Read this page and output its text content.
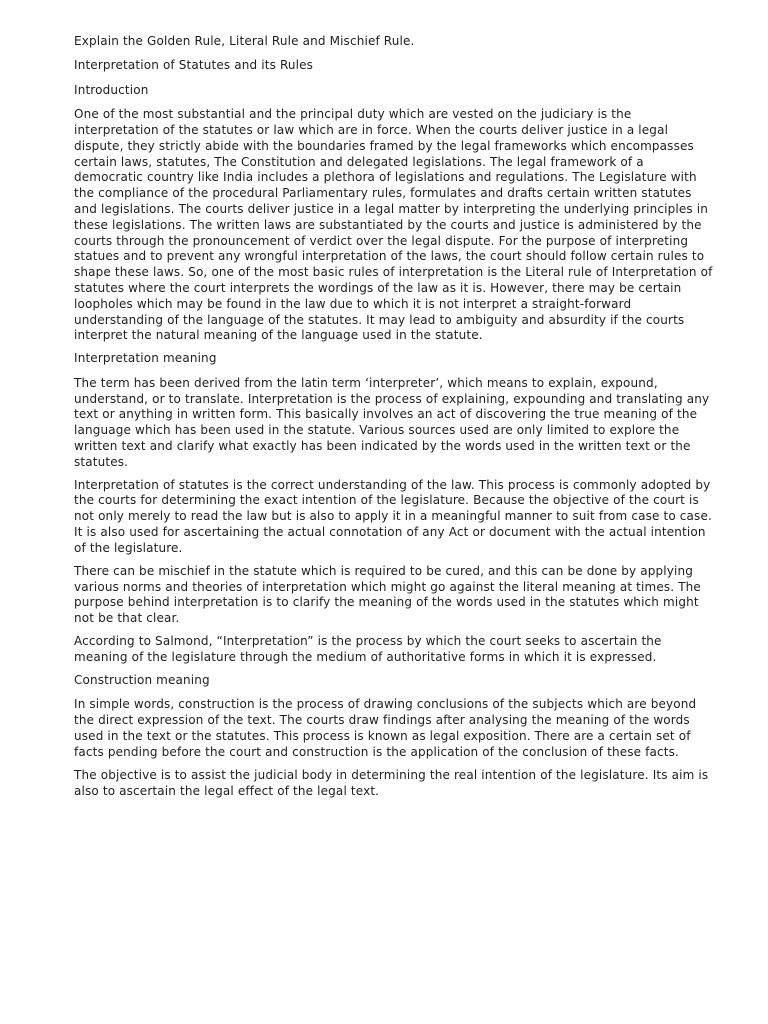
Explain the Golden Rule, Literal Rule and Mischief Rule.

Interpretation of Statutes and its Rules

Introduction

One of the most substantial and the principal duty which are vested on the judiciary is the interpretation of the statutes or law which are in force. When the courts deliver justice in a legal dispute, they strictly abide with the boundaries framed by the legal frameworks which encompasses certain laws, statutes, The Constitution and delegated legislations. The legal framework of a democratic country like India includes a plethora of legislations and regulations. The Legislature with the compliance of the procedural Parliamentary rules, formulates and drafts certain written statutes and legislations. The courts deliver justice in a legal matter by interpreting the underlying principles in these legislations. The written laws are substantiated by the courts and justice is administered by the courts through the pronouncement of verdict over the legal dispute. For the purpose of interpreting statues and to prevent any wrongful interpretation of the laws, the court should follow certain rules to shape these laws. So, one of the most basic rules of interpretation is the Literal rule of Interpretation of statutes where the court interprets the wordings of the law as it is. However, there may be certain loopholes which may be found in the law due to which it is not interpret a straight-forward understanding of the language of the statutes. It may lead to ambiguity and absurdity if the courts interpret the natural meaning of the language used in the statute.

Interpretation meaning

The term has been derived from the latin term ‘interpreter’, which means to explain, expound, understand, or to translate. Interpretation is the process of explaining, expounding and translating any text or anything in written form. This basically involves an act of discovering the true meaning of the language which has been used in the statute. Various sources used are only limited to explore the written text and clarify what exactly has been indicated by the words used in the written text or the statutes.

Interpretation of statutes is the correct understanding of the law. This process is commonly adopted by the courts for determining the exact intention of the legislature. Because the objective of the court is not only merely to read the law but is also to apply it in a meaningful manner to suit from case to case. It is also used for ascertaining the actual connotation of any Act or document with the actual intention of the legislature.

There can be mischief in the statute which is required to be cured, and this can be done by applying various norms and theories of interpretation which might go against the literal meaning at times. The purpose behind interpretation is to clarify the meaning of the words used in the statutes which might not be that clear.

According to Salmond, “Interpretation” is the process by which the court seeks to ascertain the meaning of the legislature through the medium of authoritative forms in which it is expressed.

Construction meaning

In simple words, construction is the process of drawing conclusions of the subjects which are beyond the direct expression of the text. The courts draw findings after analysing the meaning of the words used in the text or the statutes. This process is known as legal exposition. There are a certain set of facts pending before the court and construction is the application of the conclusion of these facts.

The objective is to assist the judicial body in determining the real intention of the legislature. Its aim is also to ascertain the legal effect of the legal text.
